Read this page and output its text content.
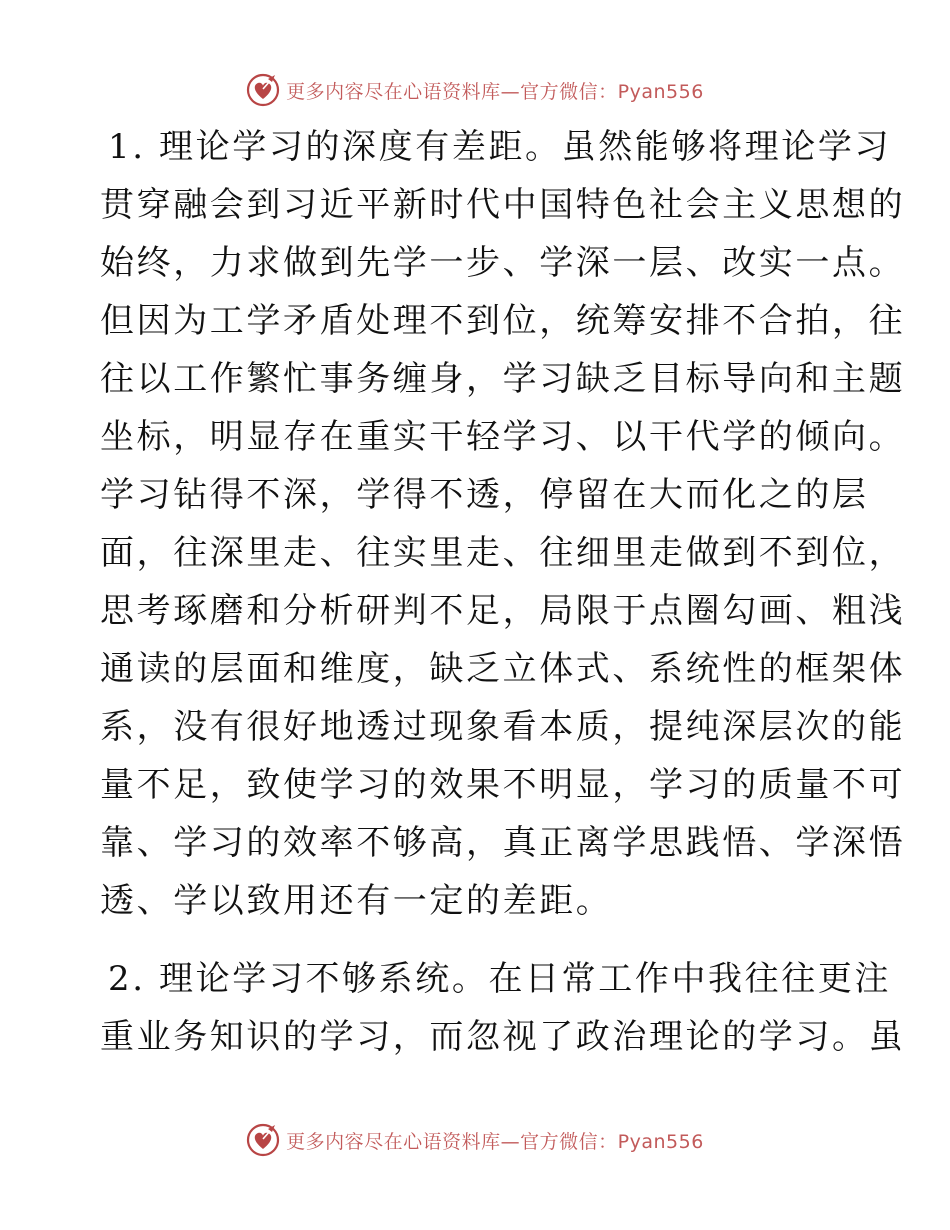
更多内容尽在心语资料库—官方微信：Pyan556
1. 理论学习的深度有差距。虽然能够将理论学习
贯穿融会到习近平新时代中国特色社会主义思想的
始终，力求做到先学一步、学深一层、改实一点。
但因为工学矛盾处理不到位，统筹安排不合拍，往
往以工作繁忙事务缠身，学习缺乏目标导向和主题
坐标，明显存在重实干轻学习、以干代学的倾向。
学习钻得不深，学得不透，停留在大而化之的层
面，往深里走、往实里走、往细里走做到不到位，
思考琢磨和分析研判不足，局限于点圈勾画、粗浅
通读的层面和维度，缺乏立体式、系统性的框架体
系，没有很好地透过现象看本质，提纯深层次的能
量不足，致使学习的效果不明显，学习的质量不可
靠、学习的效率不够高，真正离学思践悟、学深悟
透、学以致用还有一定的差距。
2. 理论学习不够系统。在日常工作中我往往更注
重业务知识的学习，而忽视了政治理论的学习。虽
更多内容尽在心语资料库—官方微信：Pyan556
